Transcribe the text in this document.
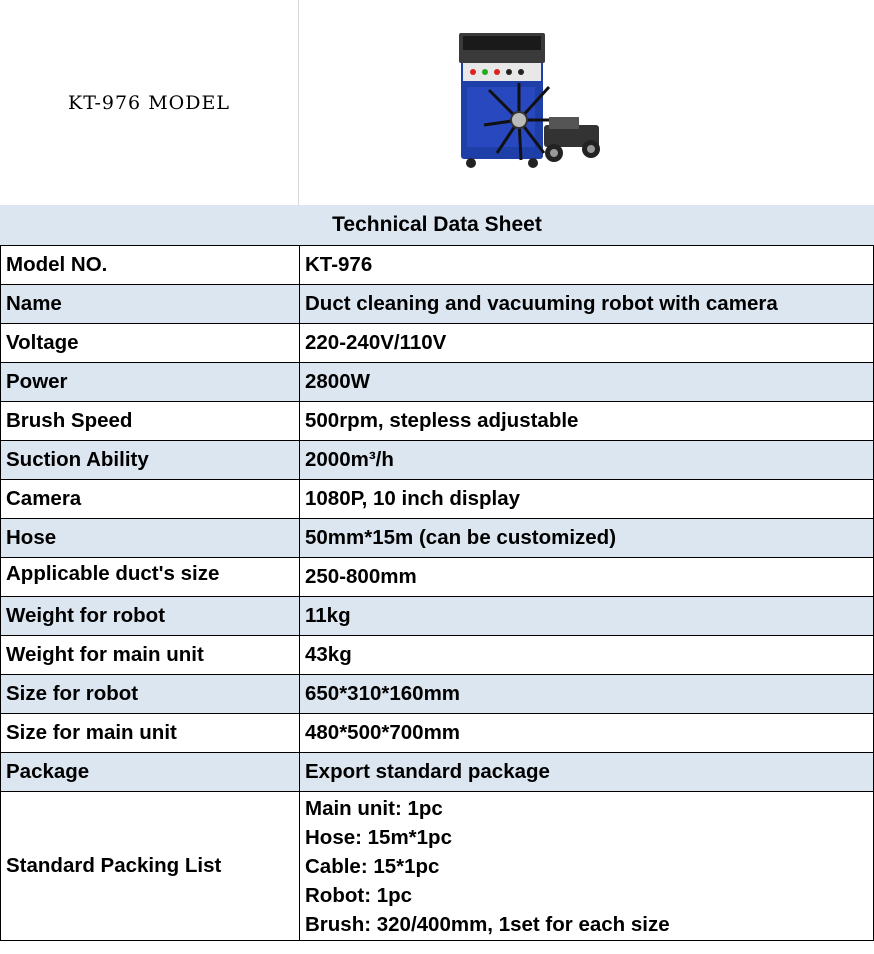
KT-976 MODEL
Technical Data Sheet
Model NO.	KT-976
Name	Duct cleaning and vacuuming robot with camera
Voltage	220-240V/110V
Power	2800W
Brush Speed	500rpm, stepless adjustable
Suction Ability	2000m³/h
Camera	1080P, 10 inch display
Hose	50mm*15m (can be customized)
Applicable duct's size	250-800mm
Weight for robot	11kg
Weight for main unit	43kg
Size for robot	650*310*160mm
Size for main unit	480*500*700mm
Package	Export standard package
Standard Packing List	Main unit: 1pc
Hose: 15m*1pc
Cable: 15*1pc
Robot: 1pc
Brush: 320/400mm, 1set for each size
